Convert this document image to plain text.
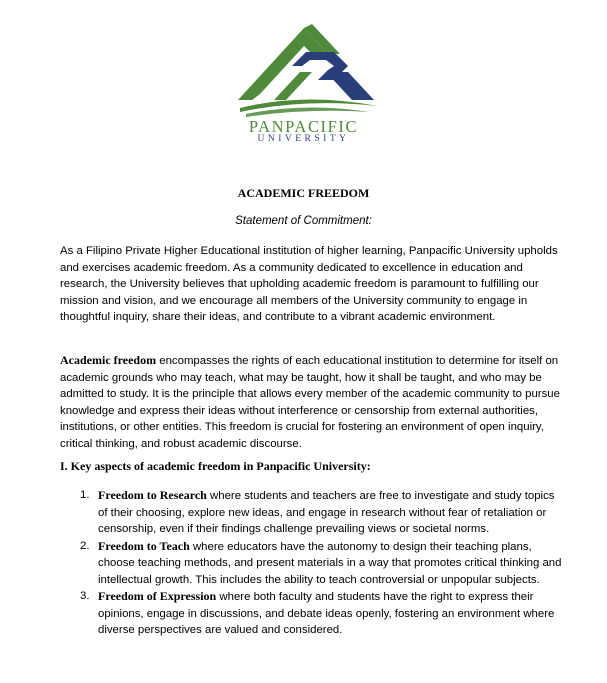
PANPACIFIC

UNIVERSITY

ACADEMIC FREEDOM

Statement of Commitment:

As a Filipino Private Higher Educational institution of higher learning, Panpacific University upholds and exercises academic freedom. As a community dedicated to excellence in education and research, the University believes that upholding academic freedom is paramount to fulfilling our mission and vision, and we encourage all members of the University community to engage in thoughtful inquiry, share their ideas, and contribute to a vibrant academic environment.

Academic freedom encompasses the rights of each educational institution to determine for itself on academic grounds who may teach, what may be taught, how it shall be taught, and who may be admitted to study. It is the principle that allows every member of the academic community to pursue knowledge and express their ideas without interference or censorship from external authorities, institutions, or other entities. This freedom is crucial for fostering an environment of open inquiry, critical thinking, and robust academic discourse.

I. Key aspects of academic freedom in Panpacific University:
1. Freedom to Research where students and teachers are free to investigate and study topics of their choosing, explore new ideas, and engage in research without fear of retaliation or censorship, even if their findings challenge prevailing views or societal norms.
2. Freedom to Teach where educators have the autonomy to design their teaching plans, choose teaching methods, and present materials in a way that promotes critical thinking and intellectual growth. This includes the ability to teach controversial or unpopular subjects.
3. Freedom of Expression where both faculty and students have the right to express their opinions, engage in discussions, and debate ideas openly, fostering an environment where diverse perspectives are valued and considered.
